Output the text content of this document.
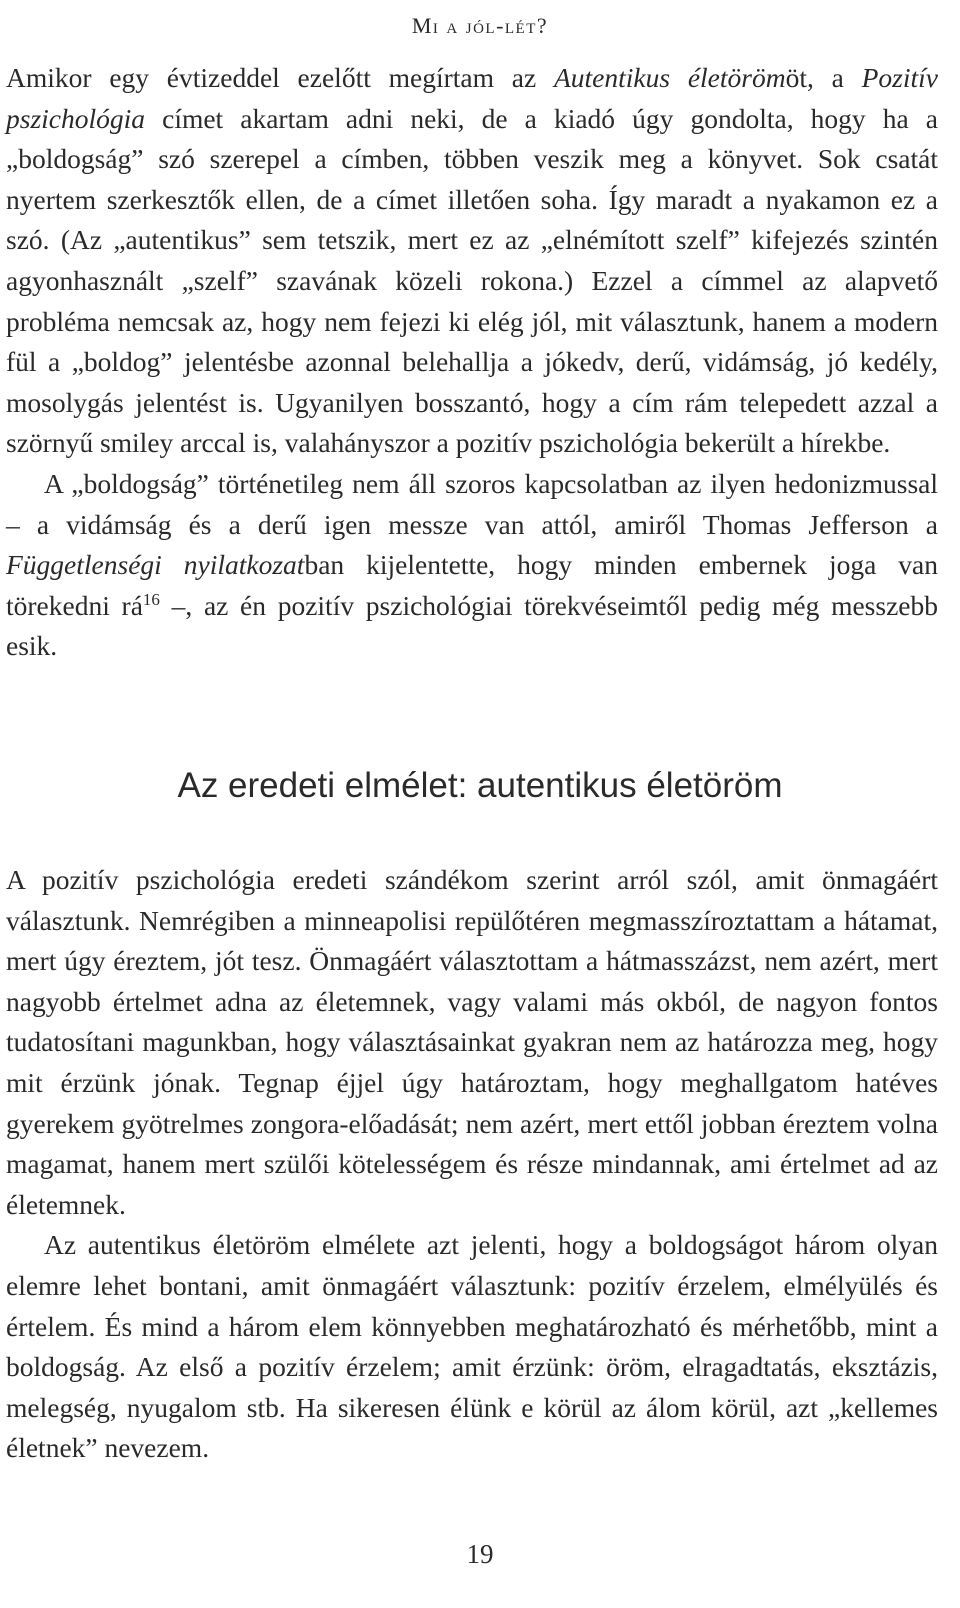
Mi a jól-lét?

Amikor egy évtizeddel ezelőtt megírtam az Autentikus életörömöt, a Pozitív pszichológia címet akartam adni neki, de a kiadó úgy gondolta, hogy ha a „boldogság” szó szerepel a címben, többen veszik meg a könyvet. Sok csatát nyertem szerkesztők ellen, de a címet illetően soha. Így maradt a nyakamon ez a szó. (Az „autentikus” sem tetszik, mert ez az „elnémított szelf” kifejezés szintén agyonhasznált „szelf” szavának közeli rokona.) Ezzel a címmel az alapvető probléma nemcsak az, hogy nem fejezi ki elég jól, mit választunk, hanem a modern fül a „boldog” jelentésbe azonnal belehallja a jókedv, derű, vidámság, jó kedély, mosolygás jelentést is. Ugyanilyen bosszantó, hogy a cím rám telepedett azzal a szörnyű smiley arccal is, valahányszor a pozitív pszichológia bekerült a hírekbe.

A „boldogság” történetileg nem áll szoros kapcsolatban az ilyen hedonizmussal – a vidámság és a derű igen messze van attól, amiről Thomas Jefferson a Függetlenségi nyilatkozatban kijelentette, hogy minden embernek joga van törekedni $rá^{16}$ –, az én pozitív pszichológiai törekvéseimtől pedig még messzebb esik.

Az eredeti elmélet: autentikus életöröm

A pozitív pszichológia eredeti szándékom szerint arról szól, amit önmagáért választunk. Nemrégiben a minneapolisi repülőtéren megmasszíroztattam a hátamat, mert úgy éreztem, jót tesz. Önmagáért választottam a hátmasszázst, nem azért, mert nagyobb értelmet adna az életemnek, vagy valami más okból, de nagyon fontos tudatosítani magunkban, hogy választásainkat gyakran nem az határozza meg, hogy mit érzünk jónak. Tegnap éjjel úgy határoztam, hogy meghallgatom hatéves gyerekem gyötrelmes zongora-előadását; nem azért, mert ettől jobban éreztem volna magamat, hanem mert szülői kötelességem és része mindannak, ami értelmet ad az életemnek.

Az autentikus életöröm elmélete azt jelenti, hogy a boldogságot három olyan elemre lehet bontani, amit önmagáért választunk: pozitív érzelem, elmélyülés és értelem. És mind a három elem könnyebben meghatározható és mérhetőbb, mint a boldogság. Az első a pozitív érzelem; amit érzünk: öröm, elragadtatás, eksztázis, melegség, nyugalom stb. Ha sikeresen élünk e körül az álom körül, azt „kellemes életnek” nevezem.

19
